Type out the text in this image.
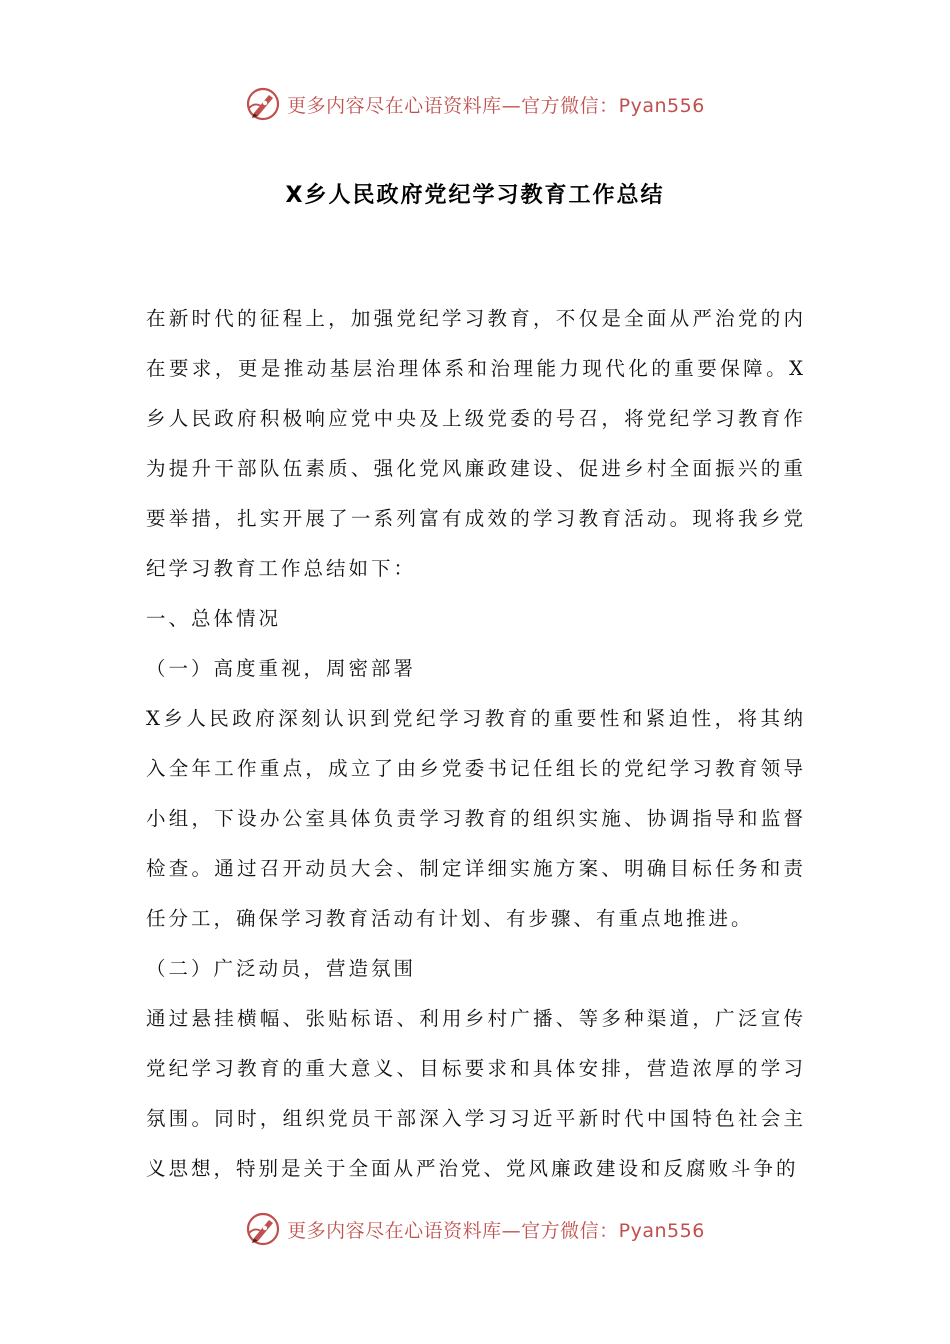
更多内容尽在心语资料库—官方微信：Pyan556
X乡人民政府党纪学习教育工作总结

在新时代的征程上，加强党纪学习教育，不仅是全面从严治党的内在要求，更是推动基层治理体系和治理能力现代化的重要保障。X乡人民政府积极响应党中央及上级党委的号召，将党纪学习教育作为提升干部队伍素质、强化党风廉政建设、促进乡村全面振兴的重要举措，扎实开展了一系列富有成效的学习教育活动。现将我乡党纪学习教育工作总结如下：

一、总体情况

（一）高度重视，周密部署

X乡人民政府深刻认识到党纪学习教育的重要性和紧迫性，将其纳入全年工作重点，成立了由乡党委书记任组长的党纪学习教育领导小组，下设办公室具体负责学习教育的组织实施、协调指导和监督检查。通过召开动员大会、制定详细实施方案、明确目标任务和责任分工，确保学习教育活动有计划、有步骤、有重点地推进。

（二）广泛动员，营造氛围

通过悬挂横幅、张贴标语、利用乡村广播、等多种渠道，广泛宣传党纪学习教育的重大意义、目标要求和具体安排，营造浓厚的学习氛围。同时，组织党员干部深入学习习近平新时代中国特色社会主义思想，特别是关于全面从严治党、党风廉政建设和反腐败斗争的

更多内容尽在心语资料库—官方微信：Pyan556
